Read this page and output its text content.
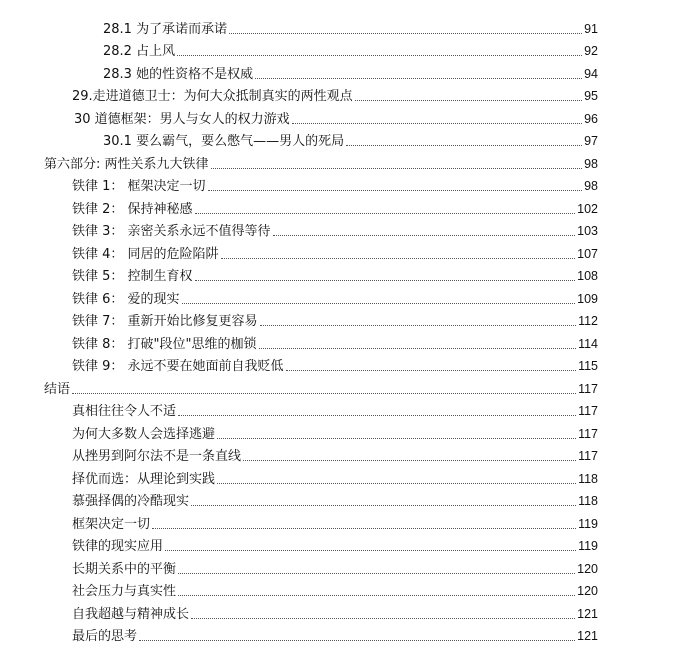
28.1 为了承诺而承诺	91
28.2 占上风	92
28.3 她的性资格不是权威	94
29.走进道德卫士：为何大众抵制真实的两性观点	95
30 道德框架：男人与女人的权力游戏	96
30.1 要么霸气，要么憋气——男人的死局	97
第六部分: 两性关系九大铁律	98
铁律 1： 框架决定一切	98
铁律 2： 保持神秘感	102
铁律 3： 亲密关系永远不值得等待	103
铁律 4： 同居的危险陷阱	107
铁律 5： 控制生育权	108
铁律 6： 爱的现实	109
铁律 7： 重新开始比修复更容易	112
铁律 8： 打破"段位"思维的枷锁	114
铁律 9： 永远不要在她面前自我贬低	115
结语	117
真相往往令人不适	117
为何大多数人会选择逃避	117
从挫男到阿尔法不是一条直线	117
择优而选：从理论到实践	118
慕强择偶的冷酷现实	118
框架决定一切	119
铁律的现实应用	119
长期关系中的平衡	120
社会压力与真实性	120
自我超越与精神成长	121
最后的思考	121
